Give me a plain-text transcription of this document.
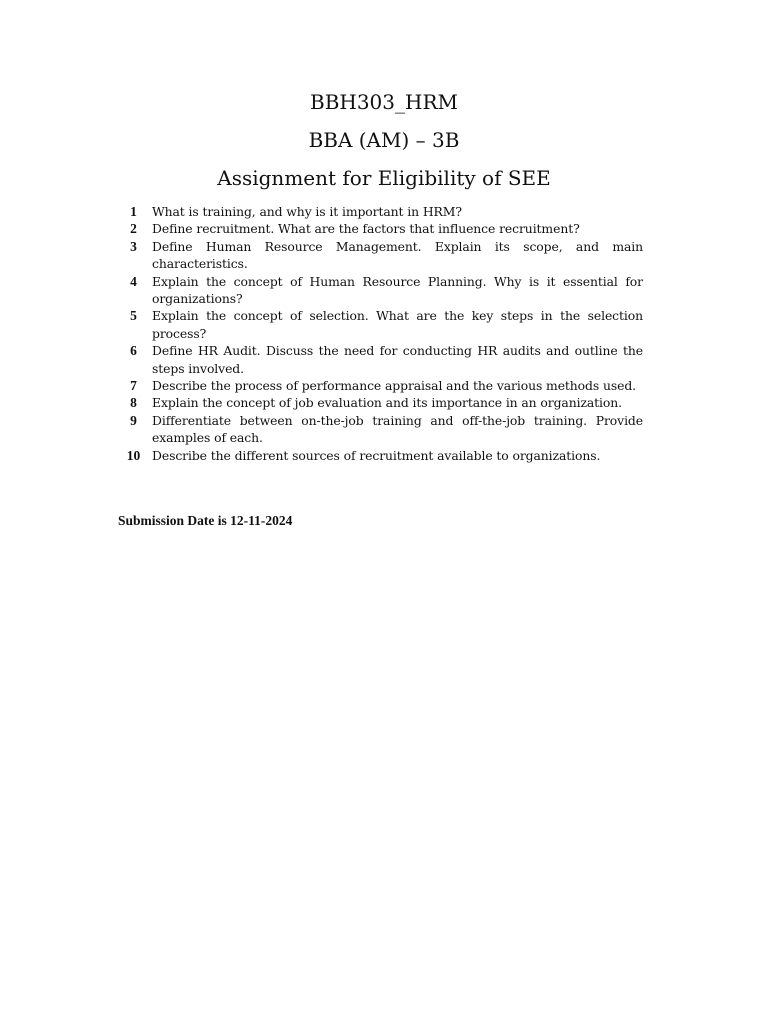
BBH303_HRM
BBA (AM) – 3B
Assignment for Eligibility of SEE
1	What is training, and why is it important in HRM?
2	Define recruitment. What are the factors that influence recruitment?
3	Define Human Resource Management. Explain its scope, and main characteristics.
4	Explain the concept of Human Resource Planning. Why is it essential for organizations?
5	Explain the concept of selection. What are the key steps in the selection process?
6	Define HR Audit. Discuss the need for conducting HR audits and outline the steps involved.
7	Describe the process of performance appraisal and the various methods used.
8	Explain the concept of job evaluation and its importance in an organization.
9	Differentiate between on-the-job training and off-the-job training. Provide examples of each.
10 Describe the different sources of recruitment available to organizations.
Submission Date is 12-11-2024
